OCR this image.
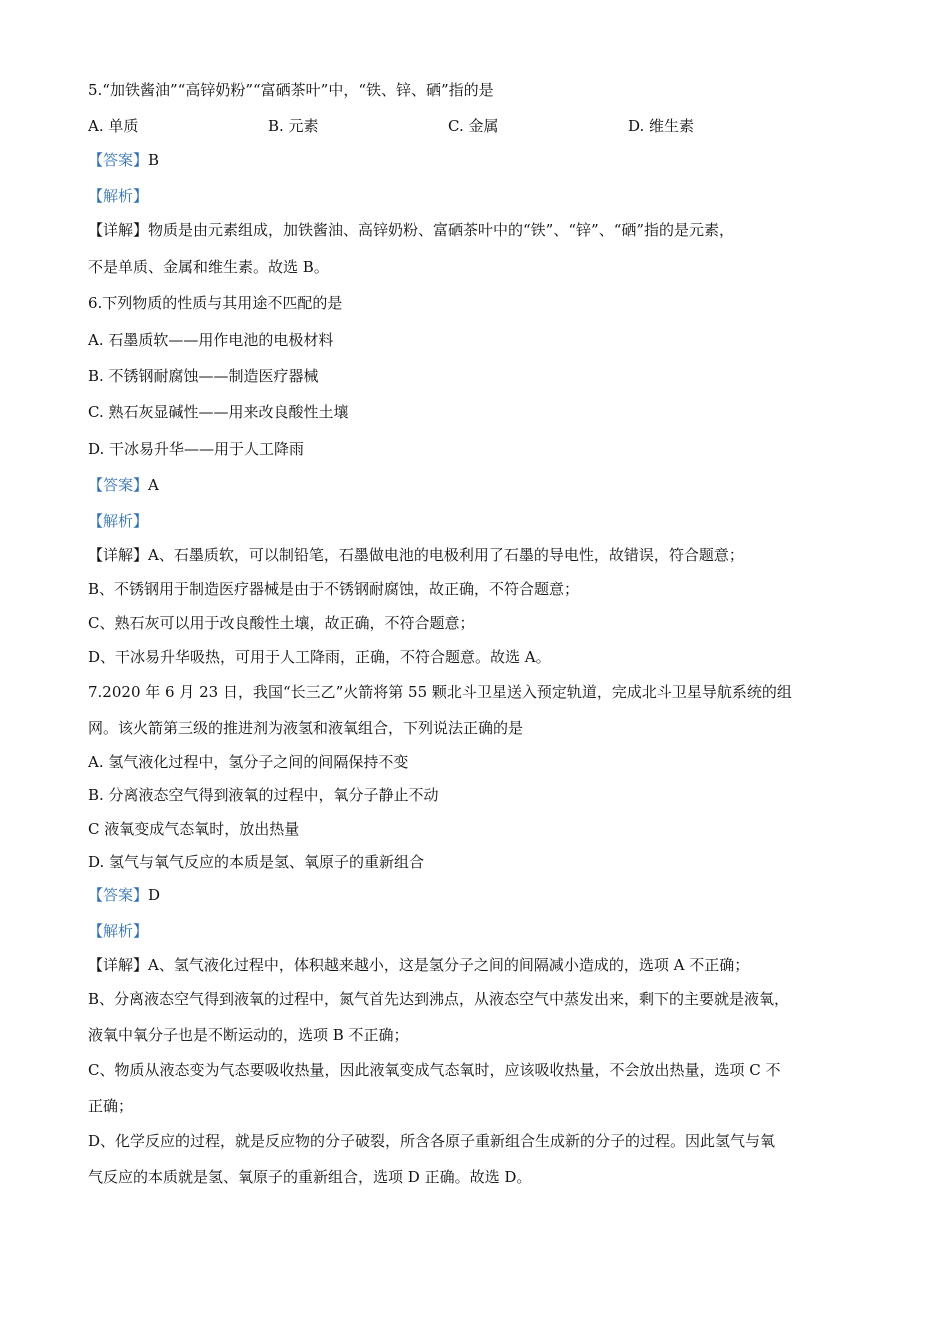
5.“加铁酱油”“高锌奶粉”“富硒茶叶”中，“铁、锌、硒”指的是
A. 单质	B. 元素	C. 金属	D. 维生素
【答案】B
【解析】
【详解】物质是由元素组成，加铁酱油、高锌奶粉、富硒茶叶中的“铁”、“锌”、“硒”指的是元素，
不是单质、金属和维生素。故选 B。
6.下列物质的性质与其用途不匹配的是
A. 石墨质软——用作电池的电极材料
B. 不锈钢耐腐蚀——制造医疗器械
C. 熟石灰显碱性——用来改良酸性土壤
D. 干冰易升华——用于人工降雨
【答案】A
【解析】
【详解】A、石墨质软，可以制铅笔，石墨做电池的电极利用了石墨的导电性，故错误，符合题意；
B、不锈钢用于制造医疗器械是由于不锈钢耐腐蚀，故正确，不符合题意；
C、熟石灰可以用于改良酸性土壤，故正确，不符合题意；
D、干冰易升华吸热，可用于人工降雨，正确，不符合题意。故选 A。
7.2020 年 6 月 23 日，我国“长三乙”火箭将第 55 颗北斗卫星送入预定轨道，完成北斗卫星导航系统的组
网。该火箭第三级的推进剂为液氢和液氧组合，下列说法正确的是
A. 氢气液化过程中，氢分子之间的间隔保持不变
B. 分离液态空气得到液氧的过程中，氧分子静止不动
C 液氧变成气态氧时，放出热量
D. 氢气与氧气反应的本质是氢、氧原子的重新组合
【答案】D
【解析】
【详解】A、氢气液化过程中，体积越来越小，这是氢分子之间的间隔减小造成的，选项 A 不正确；
B、分离液态空气得到液氧的过程中，氮气首先达到沸点，从液态空气中蒸发出来，剩下的主要就是液氧，
液氧中氧分子也是不断运动的，选项 B 不正确；
C、物质从液态变为气态要吸收热量，因此液氧变成气态氧时，应该吸收热量，不会放出热量，选项 C 不
正确；
D、化学反应的过程，就是反应物的分子破裂，所含各原子重新组合生成新的分子的过程。因此氢气与氧
气反应的本质就是氢、氧原子的重新组合，选项 D 正确。故选 D。
